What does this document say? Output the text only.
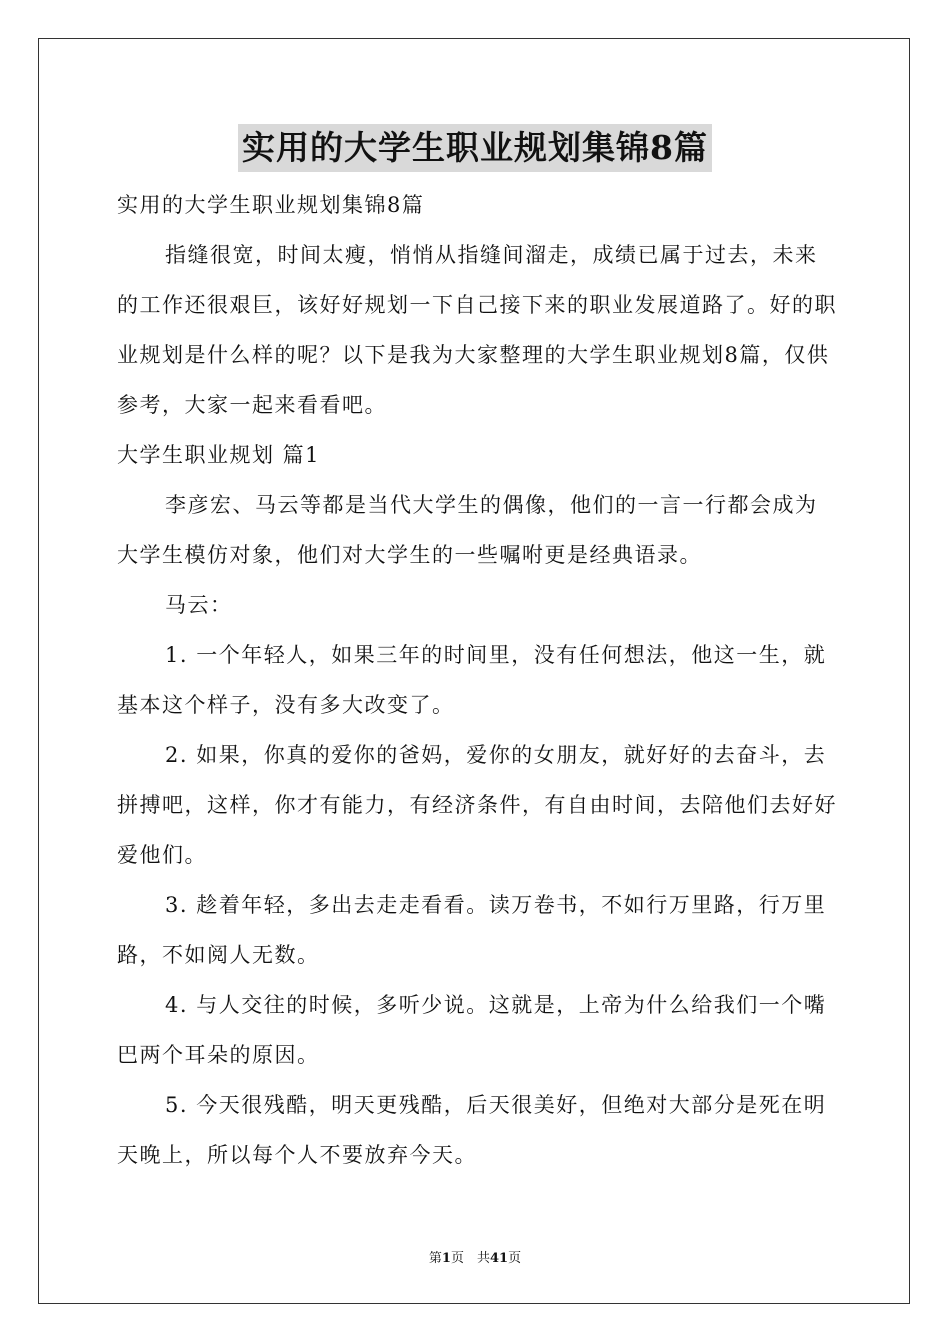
实用的大学生职业规划集锦8篇

实用的大学生职业规划集锦8篇

指缝很宽，时间太瘦，悄悄从指缝间溜走，成绩已属于过去，未来的工作还很艰巨，该好好规划一下自己接下来的职业发展道路了。好的职业规划是什么样的呢？以下是我为大家整理的大学生职业规划8篇，仅供参考，大家一起来看看吧。

大学生职业规划 篇1

李彦宏、马云等都是当代大学生的偶像，他们的一言一行都会成为大学生模仿对象，他们对大学生的一些嘱咐更是经典语录。

马云：

1. 一个年轻人，如果三年的时间里，没有任何想法，他这一生，就基本这个样子，没有多大改变了。

2. 如果，你真的爱你的爸妈，爱你的女朋友，就好好的去奋斗，去拼搏吧，这样，你才有能力，有经济条件，有自由时间，去陪他们去好好爱他们。

3. 趁着年轻，多出去走走看看。读万卷书，不如行万里路，行万里路，不如阅人无数。

4. 与人交往的时候，多听少说。这就是，上帝为什么给我们一个嘴巴两个耳朵的原因。

5. 今天很残酷，明天更残酷，后天很美好，但绝对大部分是死在明天晚上，所以每个人不要放弃今天。

第1页　共41页
